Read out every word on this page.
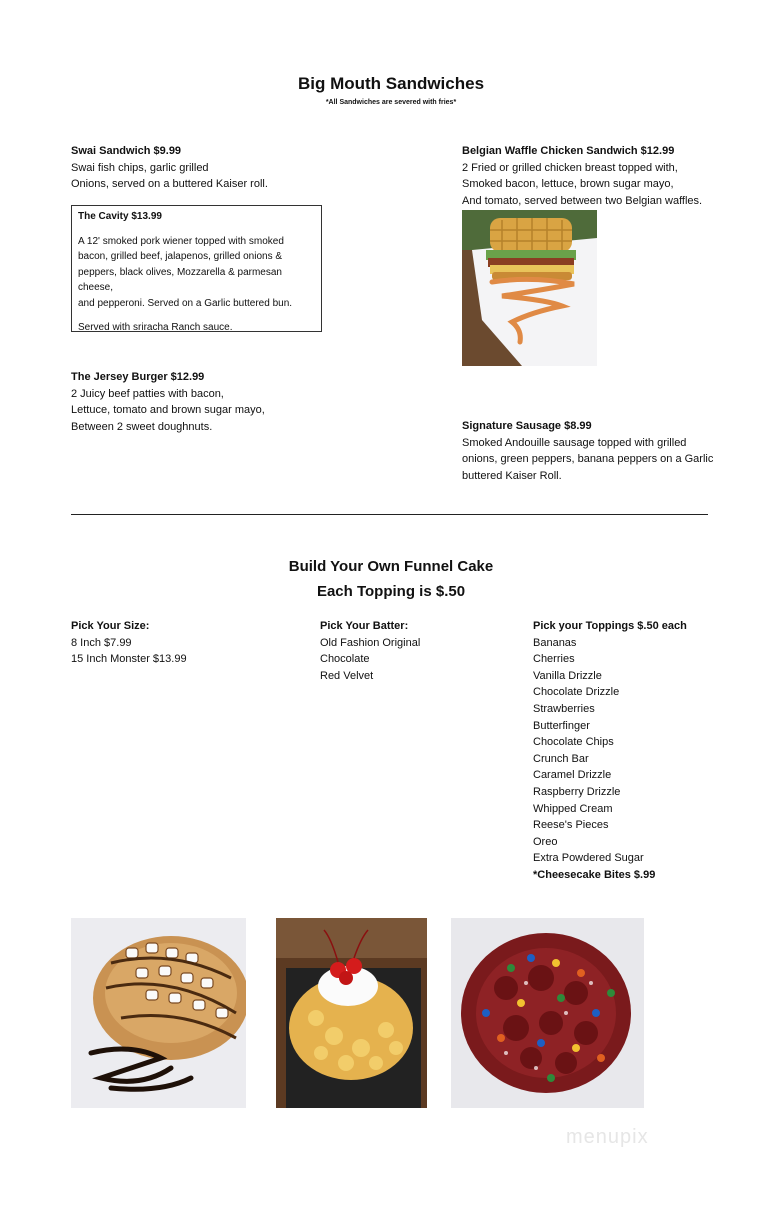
Big Mouth Sandwiches
*All Sandwiches are severed with fries*
Swai Sandwich $9.99
Swai fish chips, garlic grilled
Onions, served on a buttered Kaiser roll.
The Cavity $13.99

A 12' smoked pork wiener topped with smoked

bacon, grilled beef, jalapenos, grilled onions &

peppers, black olives, Mozzarella & parmesan cheese,

and pepperoni. Served on a Garlic buttered bun.

Served with sriracha Ranch sauce.

The Jersey Burger $12.99
2 Juicy beef patties with bacon,
Lettuce, tomato and brown sugar mayo,
Between 2 sweet doughnuts.
Belgian Waffle Chicken Sandwich $12.99
2 Fried or grilled chicken breast topped with,
Smoked bacon, lettuce, brown sugar mayo,
And tomato, served between two Belgian waffles.
Signature Sausage $8.99
Smoked Andouille sausage topped with grilled
onions, green peppers, banana peppers on a Garlic
buttered Kaiser Roll.
Build Your Own Funnel Cake
Each Topping is $.50
Pick Your Size:
8 Inch $7.99
15 Inch Monster $13.99
Pick Your Batter:
Old Fashion Original
Chocolate
Red Velvet
Pick your Toppings $.50 each
Bananas
Cherries
Vanilla Drizzle
Chocolate Drizzle
Strawberries
Butterfinger
Chocolate Chips
Crunch Bar
Caramel Drizzle
Raspberry Drizzle
Whipped Cream
Reese's Pieces
Oreo
Extra Powdered Sugar
*Cheesecake Bites $.99
menupix
